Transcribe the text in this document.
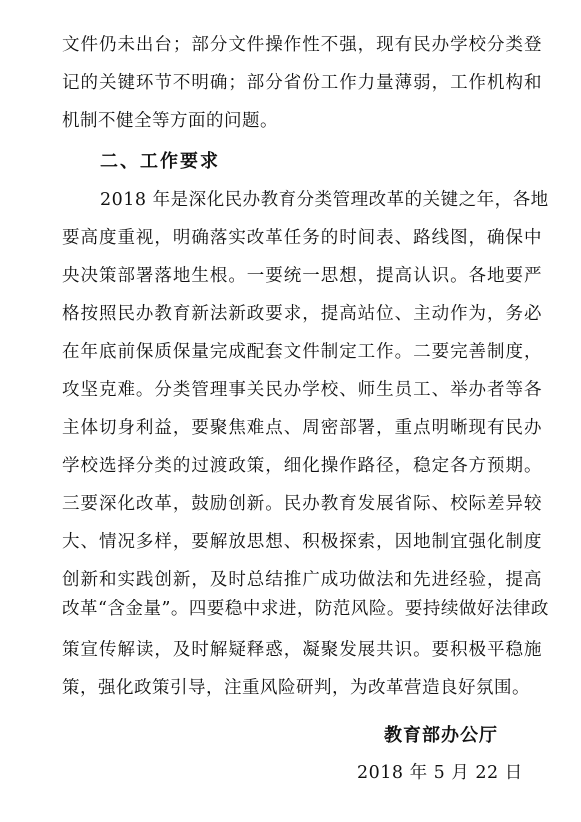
文件仍未出台；部分文件操作性不强，现有民办学校分类登
记的关键环节不明确；部分省份工作力量薄弱，工作机构和
机制不健全等方面的问题。
二、工作要求
2018 年是深化民办教育分类管理改革的关键之年，各地
要高度重视，明确落实改革任务的时间表、路线图，确保中
央决策部署落地生根。一要统一思想，提高认识。各地要严
格按照民办教育新法新政要求，提高站位、主动作为，务必
在年底前保质保量完成配套文件制定工作。二要完善制度，
攻坚克难。分类管理事关民办学校、师生员工、举办者等各
主体切身利益，要聚焦难点、周密部署，重点明晰现有民办
学校选择分类的过渡政策，细化操作路径，稳定各方预期。
三要深化改革，鼓励创新。民办教育发展省际、校际差异较
大、情况多样，要解放思想、积极探索，因地制宜强化制度
创新和实践创新，及时总结推广成功做法和先进经验，提高
改革“含金量”。四要稳中求进，防范风险。要持续做好法律政
策宣传解读，及时解疑释惑，凝聚发展共识。要积极平稳施
策，强化政策引导，注重风险研判，为改革营造良好氛围。
教育部办公厅
2018 年 5 月 22 日
